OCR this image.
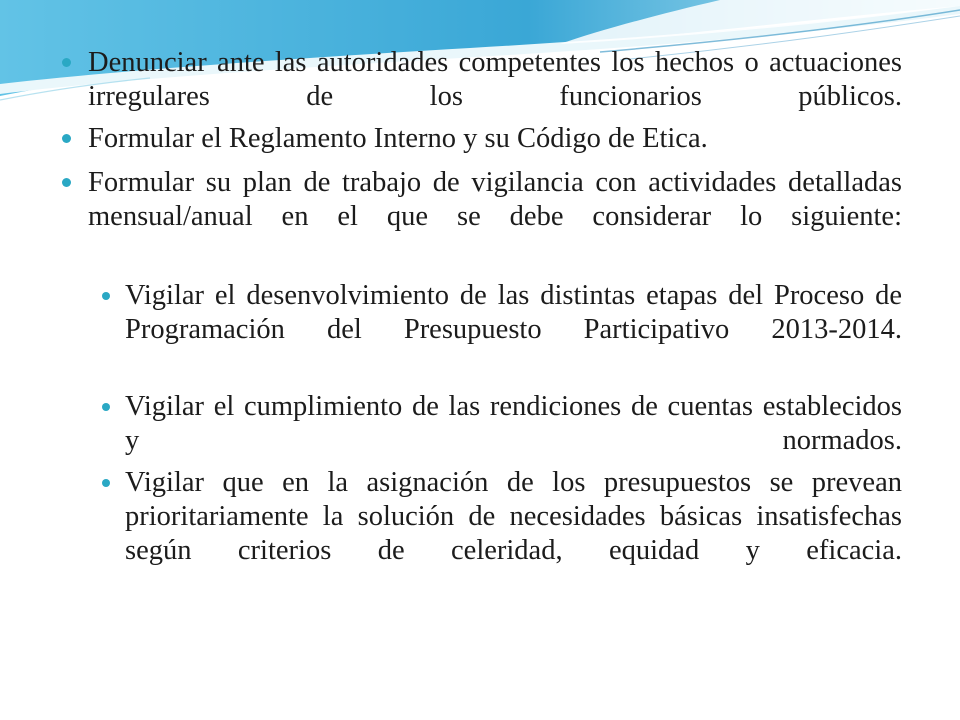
Denunciar ante las autoridades competentes los hechos o actuaciones irregulares de los funcionarios públicos.
Formular el Reglamento Interno y su Código de Etica.
Formular su plan de trabajo de vigilancia con actividades detalladas mensual/anual en el que se debe considerar lo siguiente:
Vigilar el desenvolvimiento de las distintas etapas del Proceso de Programación del Presupuesto Participativo 2013-2014.
Vigilar el cumplimiento de las rendiciones de cuentas establecidos y normados.
Vigilar que en la asignación de los presupuestos se prevean prioritariamente la solución de necesidades básicas insatisfechas según criterios de celeridad, equidad y eficacia.
